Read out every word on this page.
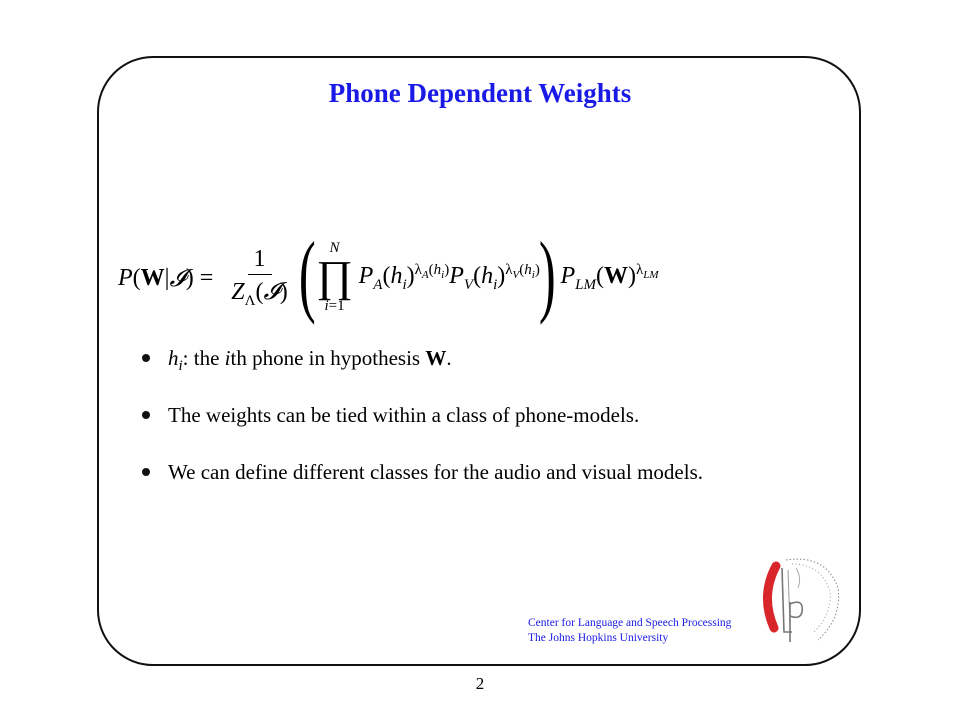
Phone Dependent Weights
P ( W | 𝓘 )
= $\frac{1}{Z_\Lambda(𝓘)}$ ( N
∏
i=1
$P_A(h_i)^{\lambda_A(h_i)}$ $P_V(h_i)^{\lambda_V(h_i)}$
) $P_{LM}(W)^{\lambda_{LM}}$
$h_i$: the ith phone in hypothesis W.
The weights can be tied within a class of phone-models.
We can define different classes for the audio and visual models.
Center for Language and Speech Processing
The Johns Hopkins University
2
